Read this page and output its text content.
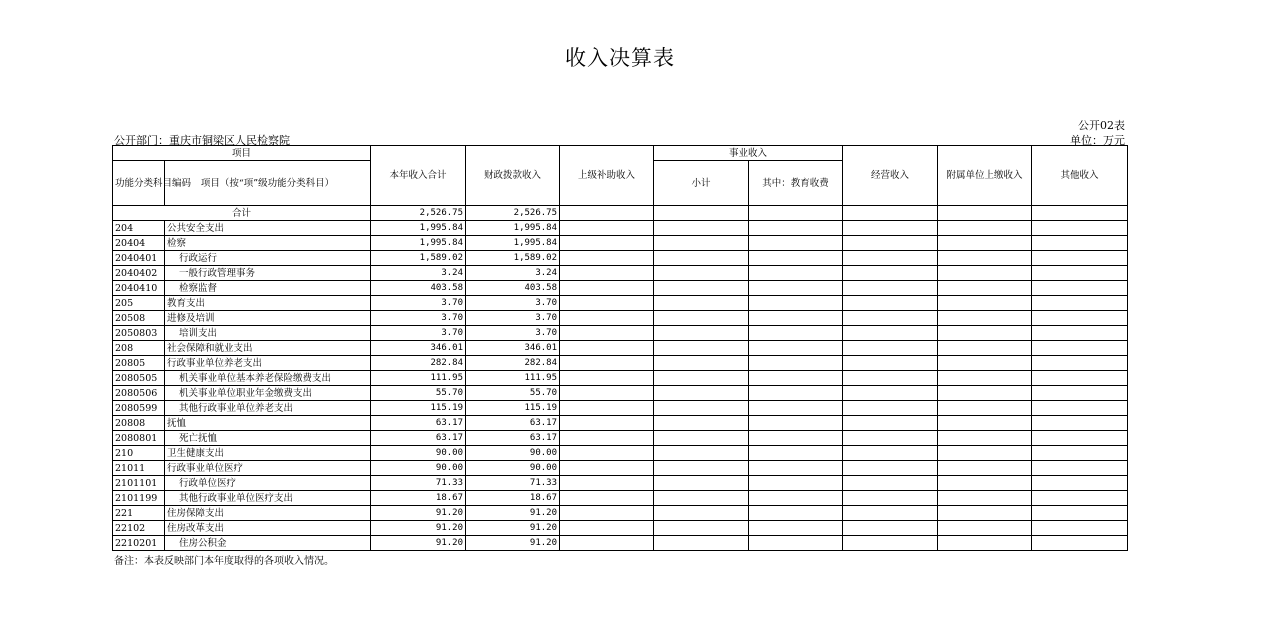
收入决算表
公开02表
公开部门：重庆市铜梁区人民检察院	单位：万元
项目		本年收入合计	财政拨款收入	上级补助收入	事业收入		经营收入	附属单位上缴收入	其他收入
功能分类科目编码	项目（按“项”级功能分类科目）				小计	其中：教育收费			
合计		2,526.75	2,526.75						
204	公共安全支出	1,995.84	1,995.84						
20404	检察	1,995.84	1,995.84						
2040401	行政运行	1,589.02	1,589.02						
2040402	一般行政管理事务	3.24	3.24						
2040410	检察监督	403.58	403.58						
205	教育支出	3.70	3.70						
20508	进修及培训	3.70	3.70						
2050803	培训支出	3.70	3.70						
208	社会保障和就业支出	346.01	346.01						
20805	行政事业单位养老支出	282.84	282.84						
2080505	机关事业单位基本养老保险缴费支出	111.95	111.95						
2080506	机关事业单位职业年金缴费支出	55.70	55.70						
2080599	其他行政事业单位养老支出	115.19	115.19						
20808	抚恤	63.17	63.17						
2080801	死亡抚恤	63.17	63.17						
210	卫生健康支出	90.00	90.00						
21011	行政事业单位医疗	90.00	90.00						
2101101	行政单位医疗	71.33	71.33						
2101199	其他行政事业单位医疗支出	18.67	18.67						
221	住房保障支出	91.20	91.20						
22102	住房改革支出	91.20	91.20						
2210201	住房公积金	91.20	91.20						
备注：本表反映部门本年度取得的各项收入情况。
